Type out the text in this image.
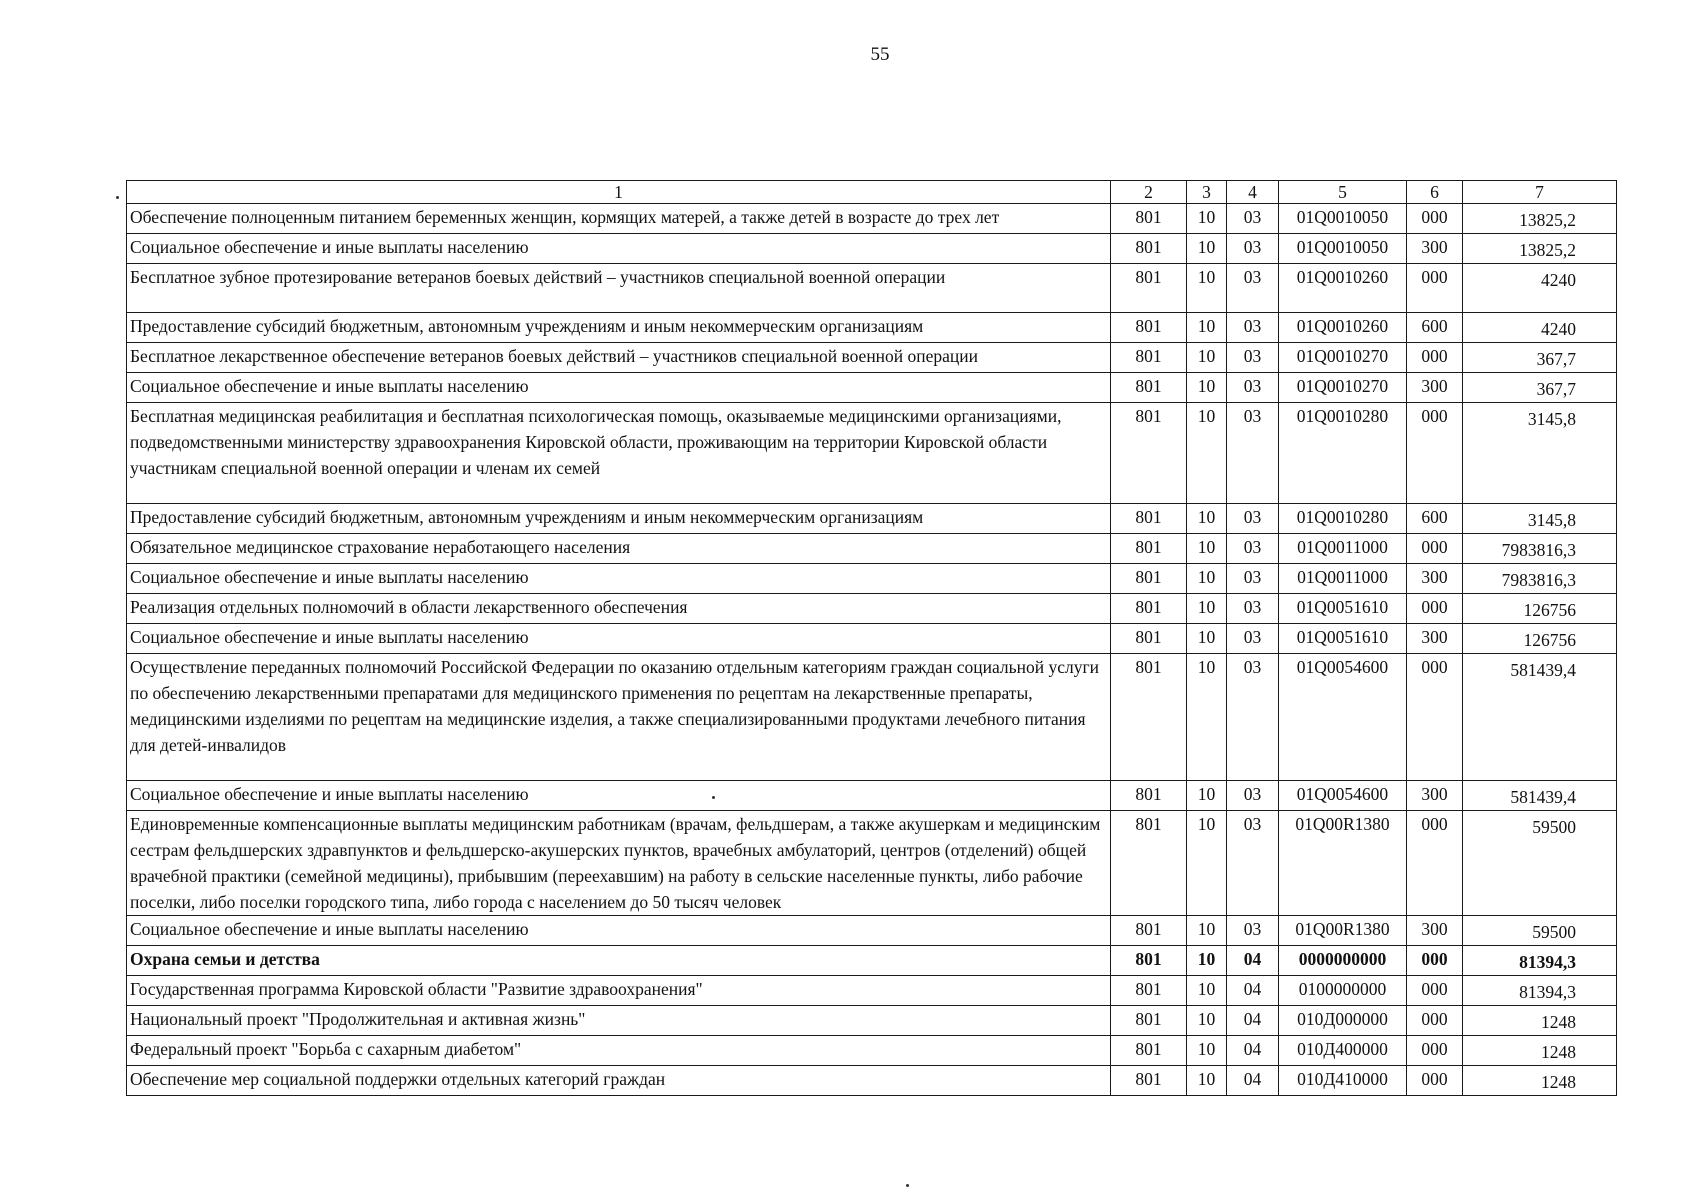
55
1	2	3	4	5	6	7
Обеспечение полноценным питанием беременных женщин, кормящих матерей, а также детей в возрасте до трех лет	801	10	03	01Q0010050	000	13825,2
Социальное обеспечение и иные выплаты населению	801	10	03	01Q0010050	300	13825,2
Бесплатное зубное протезирование ветеранов боевых действий – участников специальной военной операции	801	10	03	01Q0010260	000	4240
Предоставление субсидий бюджетным, автономным учреждениям и иным некоммерческим организациям	801	10	03	01Q0010260	600	4240
Бесплатное лекарственное обеспечение ветеранов боевых действий – участников специальной военной операции	801	10	03	01Q0010270	000	367,7
Социальное обеспечение и иные выплаты населению	801	10	03	01Q0010270	300	367,7
Бесплатная медицинская реабилитация и бесплатная психологическая помощь, оказываемые медицинскими организациями, подведомственными министерству здравоохранения Кировской области, проживающим на территории Кировской области участникам специальной военной операции и членам их семей	801	10	03	01Q0010280	000	3145,8
Предоставление субсидий бюджетным, автономным учреждениям и иным некоммерческим организациям	801	10	03	01Q0010280	600	3145,8
Обязательное медицинское страхование неработающего населения	801	10	03	01Q0011000	000	7983816,3
Социальное обеспечение и иные выплаты населению	801	10	03	01Q0011000	300	7983816,3
Реализация отдельных полномочий в области лекарственного обеспечения	801	10	03	01Q0051610	000	126756
Социальное обеспечение и иные выплаты населению	801	10	03	01Q0051610	300	126756
Осуществление переданных полномочий Российской Федерации по оказанию отдельным категориям граждан социальной услуги по обеспечению лекарственными препаратами для медицинского применения по рецептам на лекарственные препараты, медицинскими изделиями по рецептам на медицинские изделия, а также специализированными продуктами лечебного питания для детей-инвалидов	801	10	03	01Q0054600	000	581439,4
Социальное обеспечение и иные выплаты населению	801	10	03	01Q0054600	300	581439,4
Единовременные компенсационные выплаты медицинским работникам (врачам, фельдшерам, а также акушеркам и медицинским сестрам фельдшерских здравпунктов и фельдшерско-акушерских пунктов, врачебных амбулаторий, центров (отделений) общей врачебной практики (семейной медицины), прибывшим (переехавшим) на работу в сельские населенные пункты, либо рабочие поселки, либо поселки городского типа, либо города с населением до 50 тысяч человек	801	10	03	01Q00R1380	000	59500
Социальное обеспечение и иные выплаты населению	801	10	03	01Q00R1380	300	59500
Охрана семьи и детства	801	10	04	0000000000	000	81394,3
Государственная программа Кировской области "Развитие здравоохранения"	801	10	04	0100000000	000	81394,3
Национальный проект "Продолжительная и активная жизнь"	801	10	04	010Д000000	000	1248
Федеральный проект "Борьба с сахарным диабетом"	801	10	04	010Д400000	000	1248
Обеспечение мер социальной поддержки отдельных категорий граждан	801	10	04	010Д410000	000	1248
